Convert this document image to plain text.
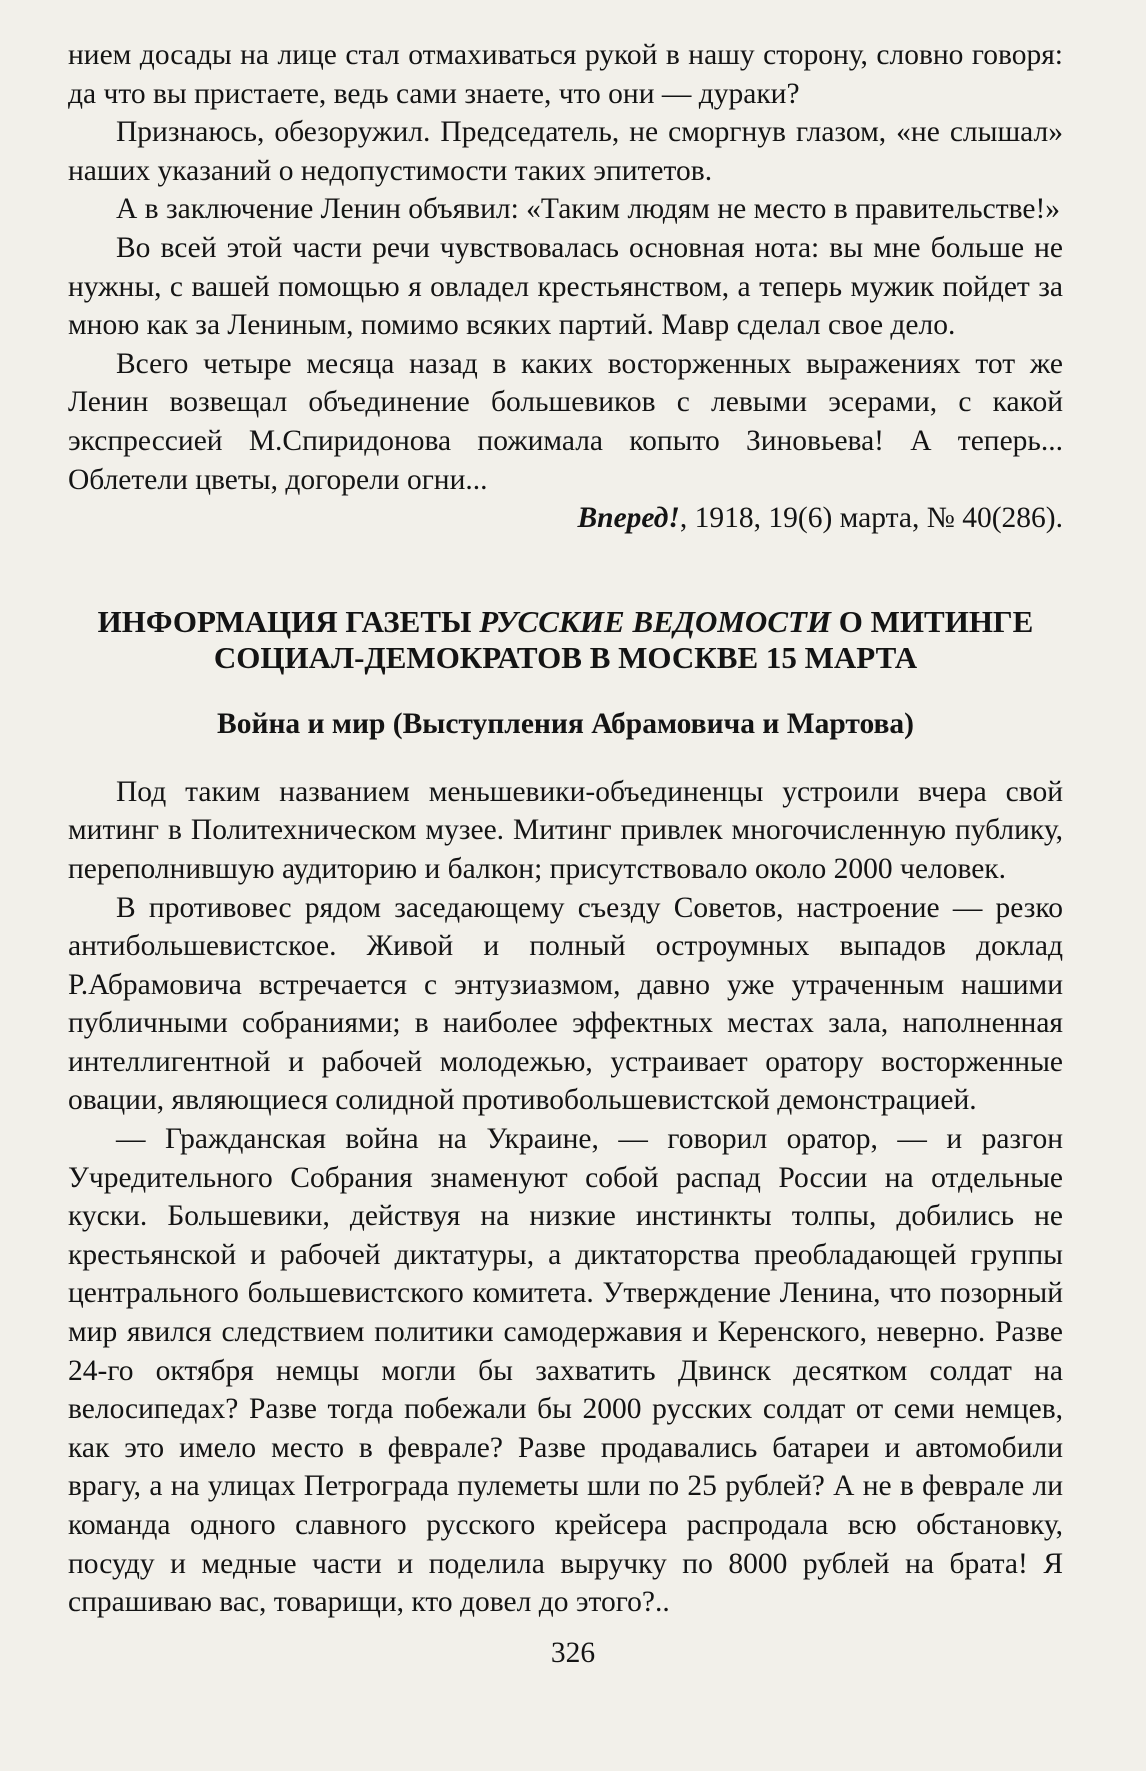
нием досады на лице стал отмахиваться рукой в нашу сторону, словно говоря: да что вы пристаете, ведь сами знаете, что они — дураки?

Признаюсь, обезоружил. Председатель, не сморгнув глазом, «не слышал» наших указаний о недопустимости таких эпитетов.

А в заключение Ленин объявил: «Таким людям не место в правительстве!»

Во всей этой части речи чувствовалась основная нота: вы мне больше не нужны, с вашей помощью я овладел крестьянством, а теперь мужик пойдет за мною как за Лениным, помимо всяких партий. Мавр сделал свое дело.

Всего четыре месяца назад в каких восторженных выражениях тот же Ленин возвещал объединение большевиков с левыми эсерами, с какой экспрессией М.Спиридонова пожимала копыто Зиновьева! А теперь... Облетели цветы, догорели огни...

Вперед!, 1918, 19(6) марта, № 40(286).

ИНФОРМАЦИЯ ГАЗЕТЫ РУССКИЕ ВЕДОМОСТИ О МИТИНГЕ СОЦИАЛ-ДЕМОКРАТОВ В МОСКВЕ 15 МАРТА
Война и мир (Выступления Абрамовича и Мартова)

Под таким названием меньшевики-объединенцы устроили вчера свой митинг в Политехническом музее. Митинг привлек многочисленную публику, переполнившую аудиторию и балкон; присутствовало около 2000 человек.

В противовес рядом заседающему съезду Советов, настроение — резко антибольшевистское. Живой и полный остроумных выпадов доклад Р.Абрамовича встречается с энтузиазмом, давно уже утраченным нашими публичными собраниями; в наиболее эффектных местах зала, наполненная интеллигентной и рабочей молодежью, устраивает оратору восторженные овации, являющиеся солидной противобольшевистской демонстрацией.

— Гражданская война на Украине, — говорил оратор, — и разгон Учредительного Собрания знаменуют собой распад России на отдельные куски. Большевики, действуя на низкие инстинкты толпы, добились не крестьянской и рабочей диктатуры, а диктаторства преобладающей группы центрального большевистского комитета. Утверждение Ленина, что позорный мир явился следствием политики самодержавия и Керенского, неверно. Разве 24-го октября немцы могли бы захватить Двинск десятком солдат на велосипедах? Разве тогда побежали бы 2000 русских солдат от семи немцев, как это имело место в феврале? Разве продавались батареи и автомобили врагу, а на улицах Петрограда пулеметы шли по 25 рублей? А не в феврале ли команда одного славного русского крейсера распродала всю обстановку, посуду и медные части и поделила выручку по 8000 рублей на брата! Я спрашиваю вас, товарищи, кто довел до этого?..

326
